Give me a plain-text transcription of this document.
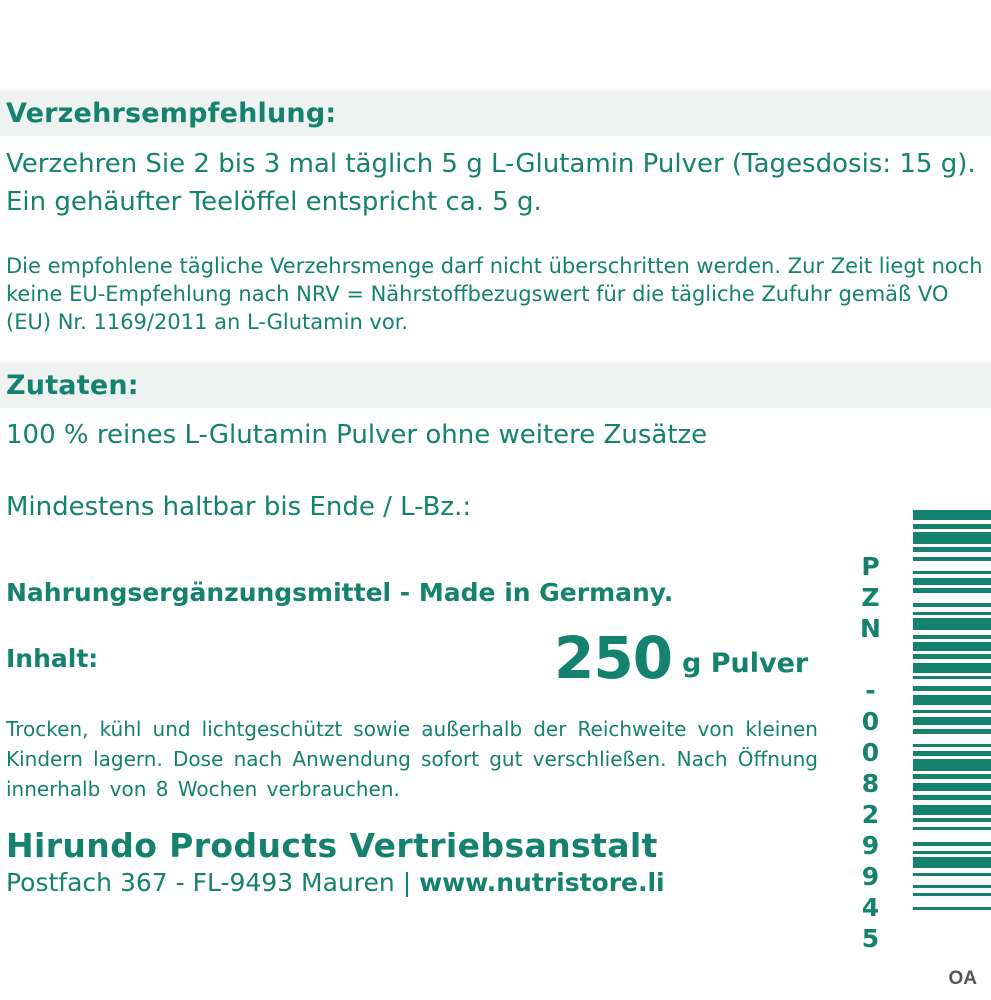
Verzehrsempfehlung:
Verzehren Sie 2 bis 3 mal täglich 5 g L-Glutamin Pulver (Tagesdosis: 15 g). Ein gehäufter Teelöffel entspricht ca. 5 g.
Die empfohlene tägliche Verzehrsmenge darf nicht überschritten werden. Zur Zeit liegt noch keine EU-Empfehlung nach NRV = Nährstoffbezugswert für die tägliche Zufuhr gemäß VO (EU) Nr. 1169/2011 an L-Glutamin vor.
Zutaten:
100 % reines L-Glutamin Pulver ohne weitere Zusätze
Mindestens haltbar bis Ende / L-Bz.:
Nahrungsergänzungsmittel - Made in Germany.
Inhalt:	250 g Pulver
Trocken, kühl und lichtgeschützt sowie außerhalb der Reichweite von kleinen Kindern lagern. Dose nach Anwendung sofort gut verschließen. Nach Öffnung innerhalb von 8 Wochen verbrauchen.
Hirundo Products Vertriebsanstalt
Postfach 367 - FL-9493 Mauren | www.nutristore.li	PZN -00829945
OA
